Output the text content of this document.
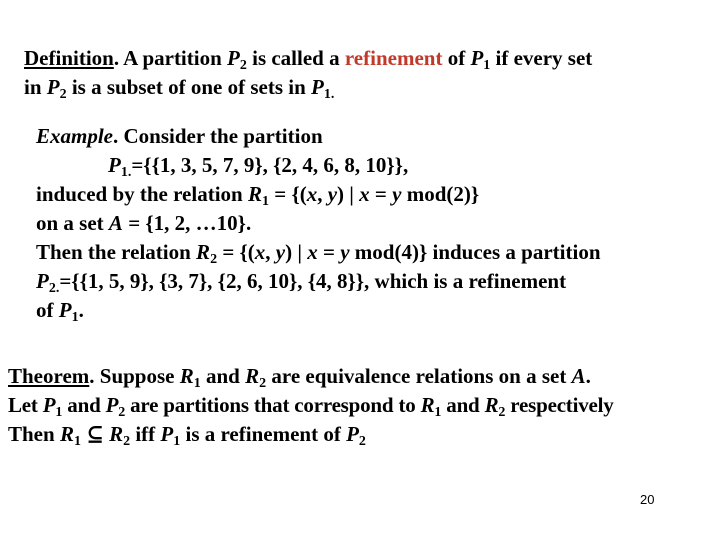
Definition. A partition $P_2$ is called a refinement of $P_1$ if every set
in $P_2$ is a subset of one of sets in $P_{1.}$
Example. Consider the partition
$P_{1.}=\{\{1$, 3, 5, 7, 9}, {2, 4, 6, 8, 10}},
induced by the relation $R_1 = \{(x$, y) | x = y mod(2)}
on a set A = {1, 2, …10}.
Then the relation $R_2 = \{(x$, y) | x = y mod(4)} induces a partition
$P_{2.}=\{\{1$, 5, 9}, {3, 7}, {2, 6, 10}, {4, 8}}, which is a refinement
of $P_1$.
Theorem. Suppose $R_1$ and $R_2$ are equivalence relations on a set A.
Let $P_1$ and $P_2$ are partitions that correspond to $R_1$ and $R_2$ respectively
Then $R_1$ ⊆ $R_2$ iff $P_1$ is a refinement of $P_2$
20
